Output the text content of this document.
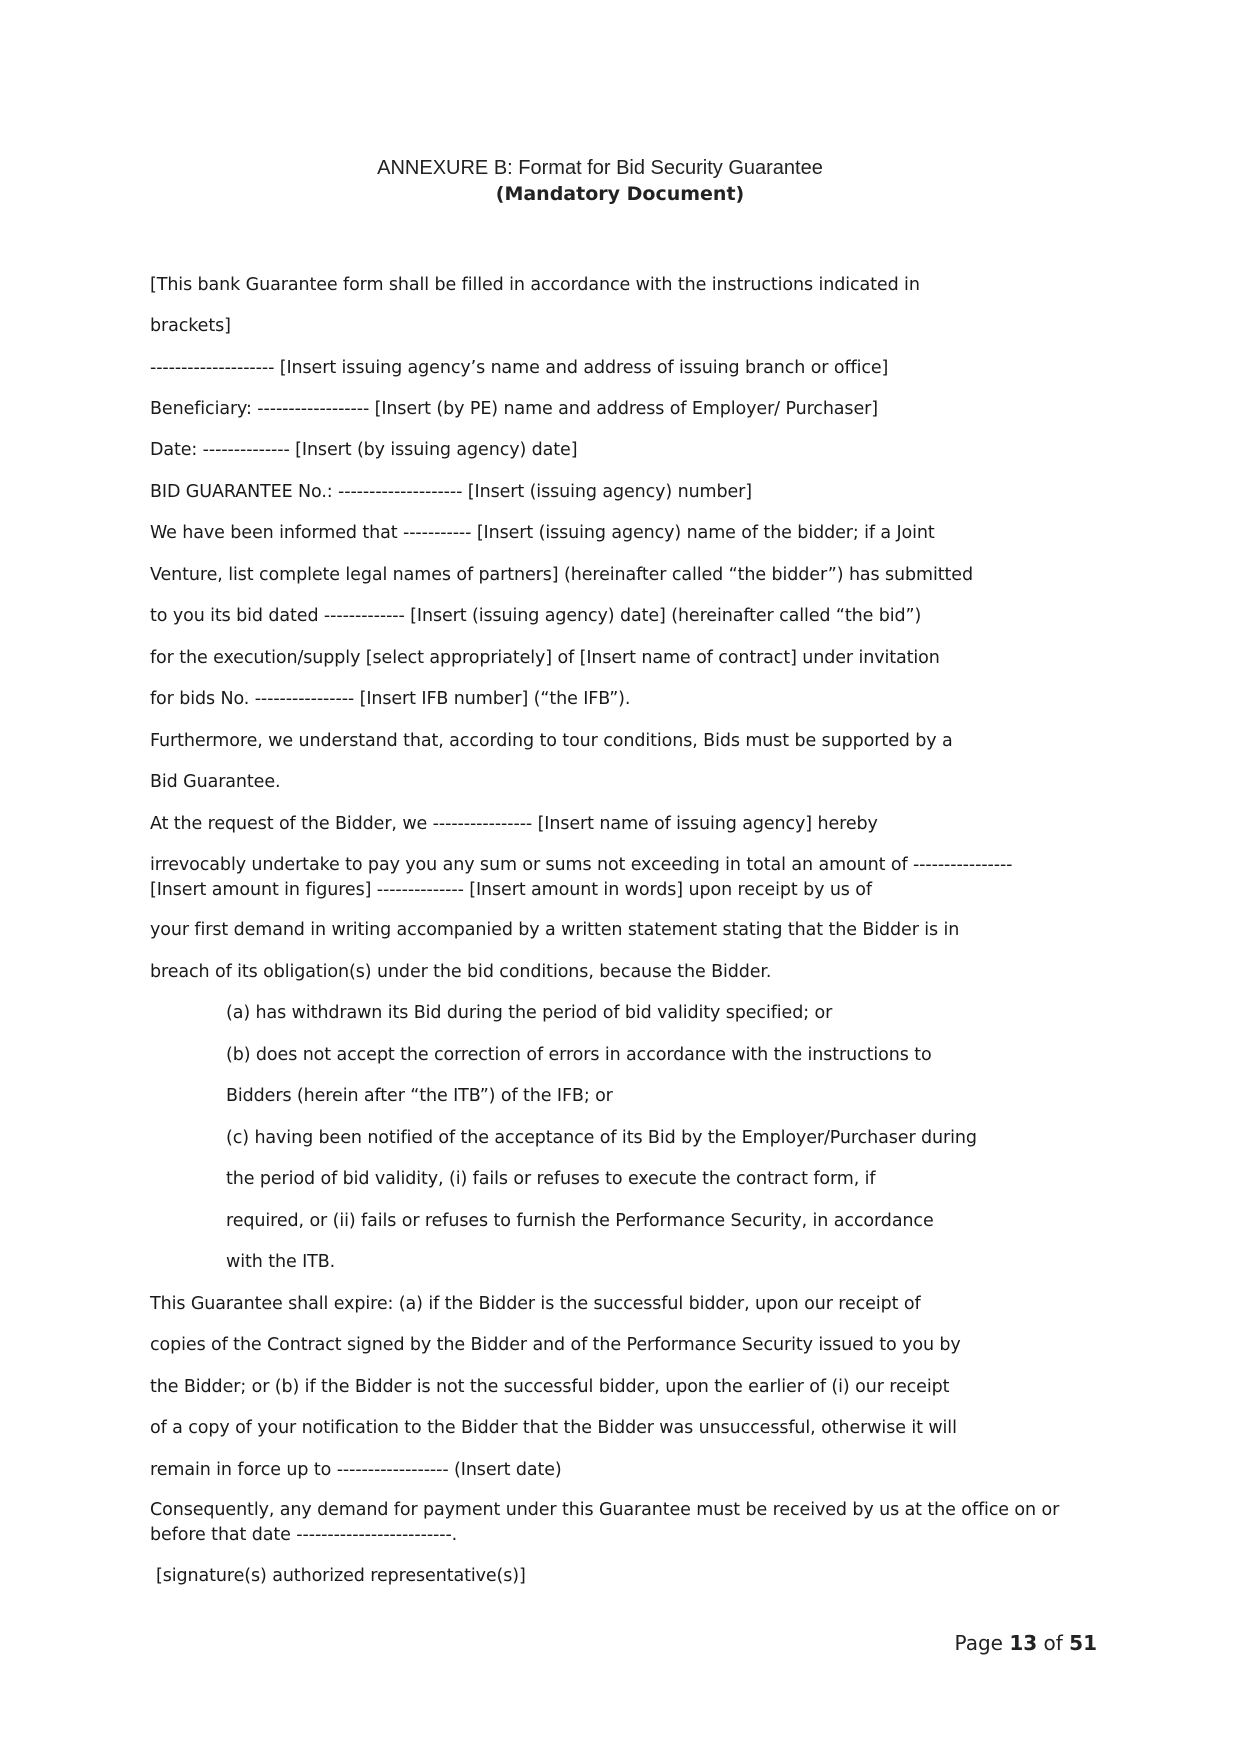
ANNEXURE B: Format for Bid Security Guarantee
(Mandatory Document)
[This bank Guarantee form shall be filled in accordance with the instructions indicated in
brackets]
-------------------- [Insert issuing agency’s name and address of issuing branch or office]
Beneficiary: ------------------ [Insert (by PE) name and address of Employer/ Purchaser]
Date: -------------- [Insert (by issuing agency) date]
BID GUARANTEE No.: -------------------- [Insert (issuing agency) number]
We have been informed that ----------- [Insert (issuing agency) name of the bidder; if a Joint
Venture, list complete legal names of partners] (hereinafter called “the bidder”) has submitted
to you its bid dated ------------- [Insert (issuing agency) date] (hereinafter called “the bid”)
for the execution/supply [select appropriately] of [Insert name of contract] under invitation
for bids No. ---------------- [Insert IFB number] (“the IFB”).
Furthermore, we understand that, according to tour conditions, Bids must be supported by a
Bid Guarantee.
At the request of the Bidder, we ---------------- [Insert name of issuing agency] hereby
irrevocably undertake to pay you any sum or sums not exceeding in total an amount of ----------------
[Insert amount in figures] -------------- [Insert amount in words] upon receipt by us of
your first demand in writing accompanied by a written statement stating that the Bidder is in
breach of its obligation(s) under the bid conditions, because the Bidder.
(a) has withdrawn its Bid during the period of bid validity specified; or
(b) does not accept the correction of errors in accordance with the instructions to
Bidders (herein after “the ITB”) of the IFB; or
(c) having been notified of the acceptance of its Bid by the Employer/Purchaser during
the period of bid validity, (i) fails or refuses to execute the contract form, if
required, or (ii) fails or refuses to furnish the Performance Security, in accordance
with the ITB.
This Guarantee shall expire: (a) if the Bidder is the successful bidder, upon our receipt of
copies of the Contract signed by the Bidder and of the Performance Security issued to you by
the Bidder; or (b) if the Bidder is not the successful bidder, upon the earlier of (i) our receipt
of a copy of your notification to the Bidder that the Bidder was unsuccessful, otherwise it will
remain in force up to ------------------ (Insert date)
Consequently, any demand for payment under this Guarantee must be received by us at the office on or
before that date -------------------------.
[signature(s) authorized representative(s)]
Page 13 of 51
